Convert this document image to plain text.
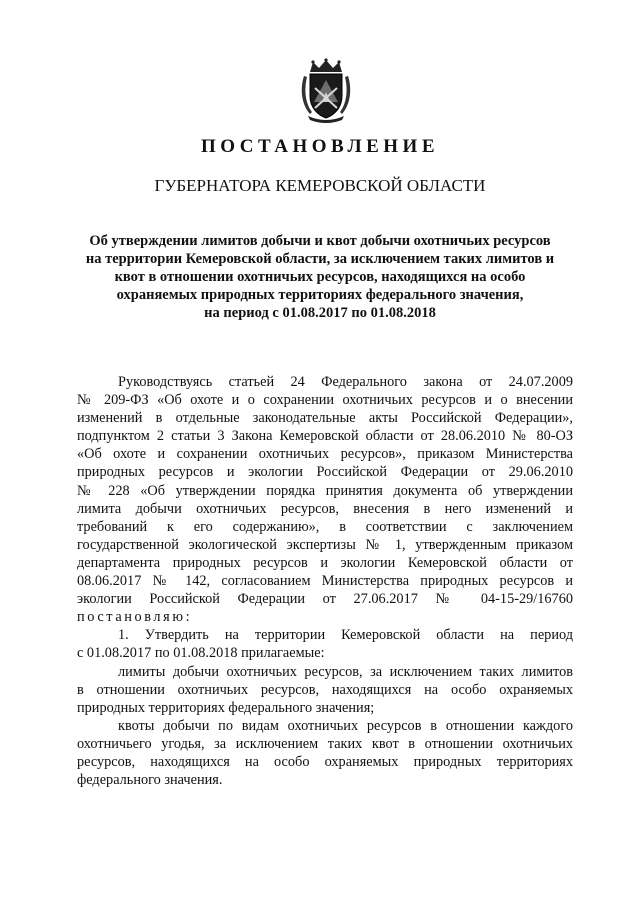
ПОСТАНОВЛЕНИЕ
ГУБЕРНАТОРА КЕМЕРОВСКОЙ ОБЛАСТИ
Об утверждении лимитов добычи и квот добычи охотничьих ресурсов
на территории Кемеровской области, за исключением таких лимитов и
квот в отношении охотничьих ресурсов, находящихся на особо
охраняемых природных территориях федерального значения,
на период с 01.08.2017 по 01.08.2018
Руководствуясь статьей 24 Федерального закона от 24.07.2009
№ 209-ФЗ «Об охоте и о сохранении охотничьих ресурсов и о внесении
изменений в отдельные законодательные акты Российской Федерации»,
подпунктом 2 статьи 3 Закона Кемеровской области от 28.06.2010 № 80-ОЗ
«Об охоте и сохранении охотничьих ресурсов», приказом Министерства
природных ресурсов и экологии Российской Федерации от 29.06.2010
№ 228 «Об утверждении порядка принятия документа об утверждении
лимита добычи охотничьих ресурсов, внесения в него изменений и
требований к его содержанию», в соответствии с заключением
государственной экологической экспертизы № 1, утвержденным приказом
департамента природных ресурсов и экологии Кемеровской области от
08.06.2017 № 142, согласованием Министерства природных ресурсов и
экологии Российской Федерации от 27.06.2017 № 04-15-29/16760
постановляю:
1. Утвердить на территории Кемеровской области на период
с 01.08.2017 по 01.08.2018 прилагаемые:
лимиты добычи охотничьих ресурсов, за исключением таких лимитов
в отношении охотничьих ресурсов, находящихся на особо охраняемых
природных территориях федерального значения;
квоты добычи по видам охотничьих ресурсов в отношении каждого
охотничьего угодья, за исключением таких квот в отношении охотничьих
ресурсов, находящихся на особо охраняемых природных территориях
федерального значения.
